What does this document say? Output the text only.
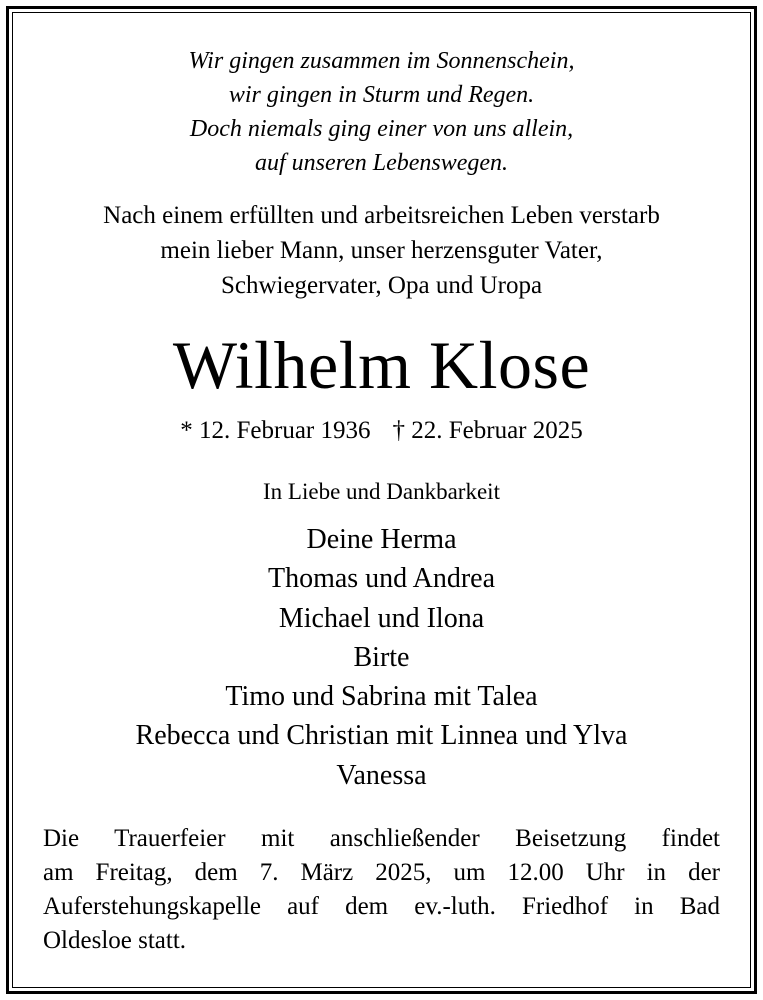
Wir gingen zusammen im Sonnenschein,
wir gingen in Sturm und Regen.
Doch niemals ging einer von uns allein,
auf unseren Lebenswegen.
Nach einem erfüllten und arbeitsreichen Leben verstarb
mein lieber Mann, unser herzensguter Vater,
Schwiegervater, Opa und Uropa
Wilhelm Klose
* 12. Februar 1936 † 22. Februar 2025
In Liebe und Dankbarkeit
Deine Herma
Thomas und Andrea
Michael und Ilona
Birte
Timo und Sabrina mit Talea
Rebecca und Christian mit Linnea und Ylva
Vanessa
Die Trauerfeier mit anschließender Beisetzung findet
am Freitag, dem 7. März 2025, um 12.00 Uhr in der
Auferstehungskapelle auf dem ev.-luth. Friedhof in Bad
Oldesloe statt.
